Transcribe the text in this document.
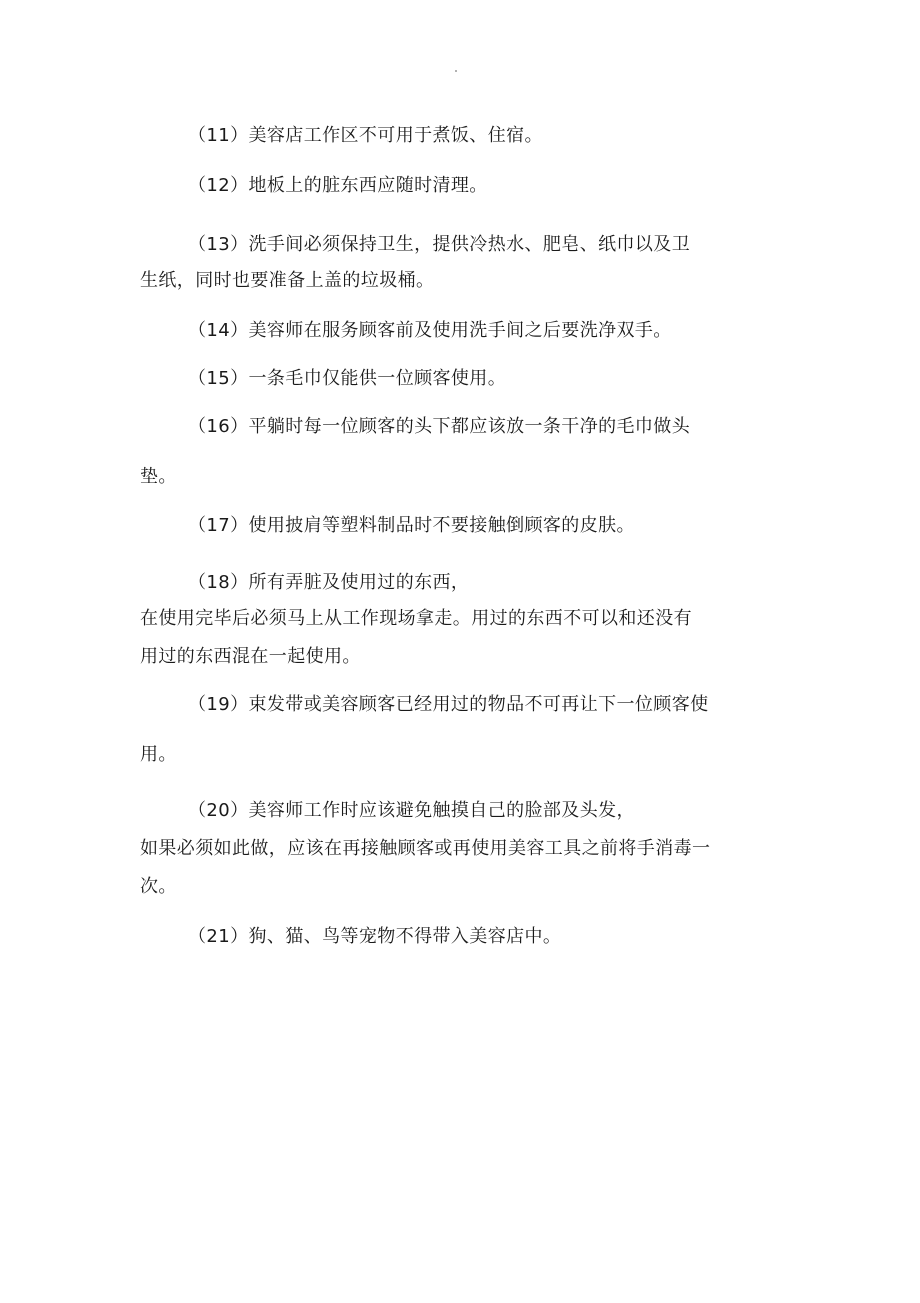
（11）美容店工作区不可用于煮饭、住宿。
（12）地板上的脏东西应随时清理。
（13）洗手间必须保持卫生，提供冷热水、肥皂、纸巾以及卫
生纸，同时也要准备上盖的垃圾桶。
（14）美容师在服务顾客前及使用洗手间之后要洗净双手。
（15）一条毛巾仅能供一位顾客使用。
（16）平躺时每一位顾客的头下都应该放一条干净的毛巾做头
垫。
（17）使用披肩等塑料制品时不要接触倒顾客的皮肤。
（18）所有弄脏及使用过的东西，
在使用完毕后必须马上从工作现场拿走。用过的东西不可以和还没有
用过的东西混在一起使用。
（19）束发带或美容顾客已经用过的物品不可再让下一位顾客使
用。
（20）美容师工作时应该避免触摸自己的脸部及头发，
如果必须如此做，应该在再接触顾客或再使用美容工具之前将手消毒一
次。
（21）狗、猫、鸟等宠物不得带入美容店中。
